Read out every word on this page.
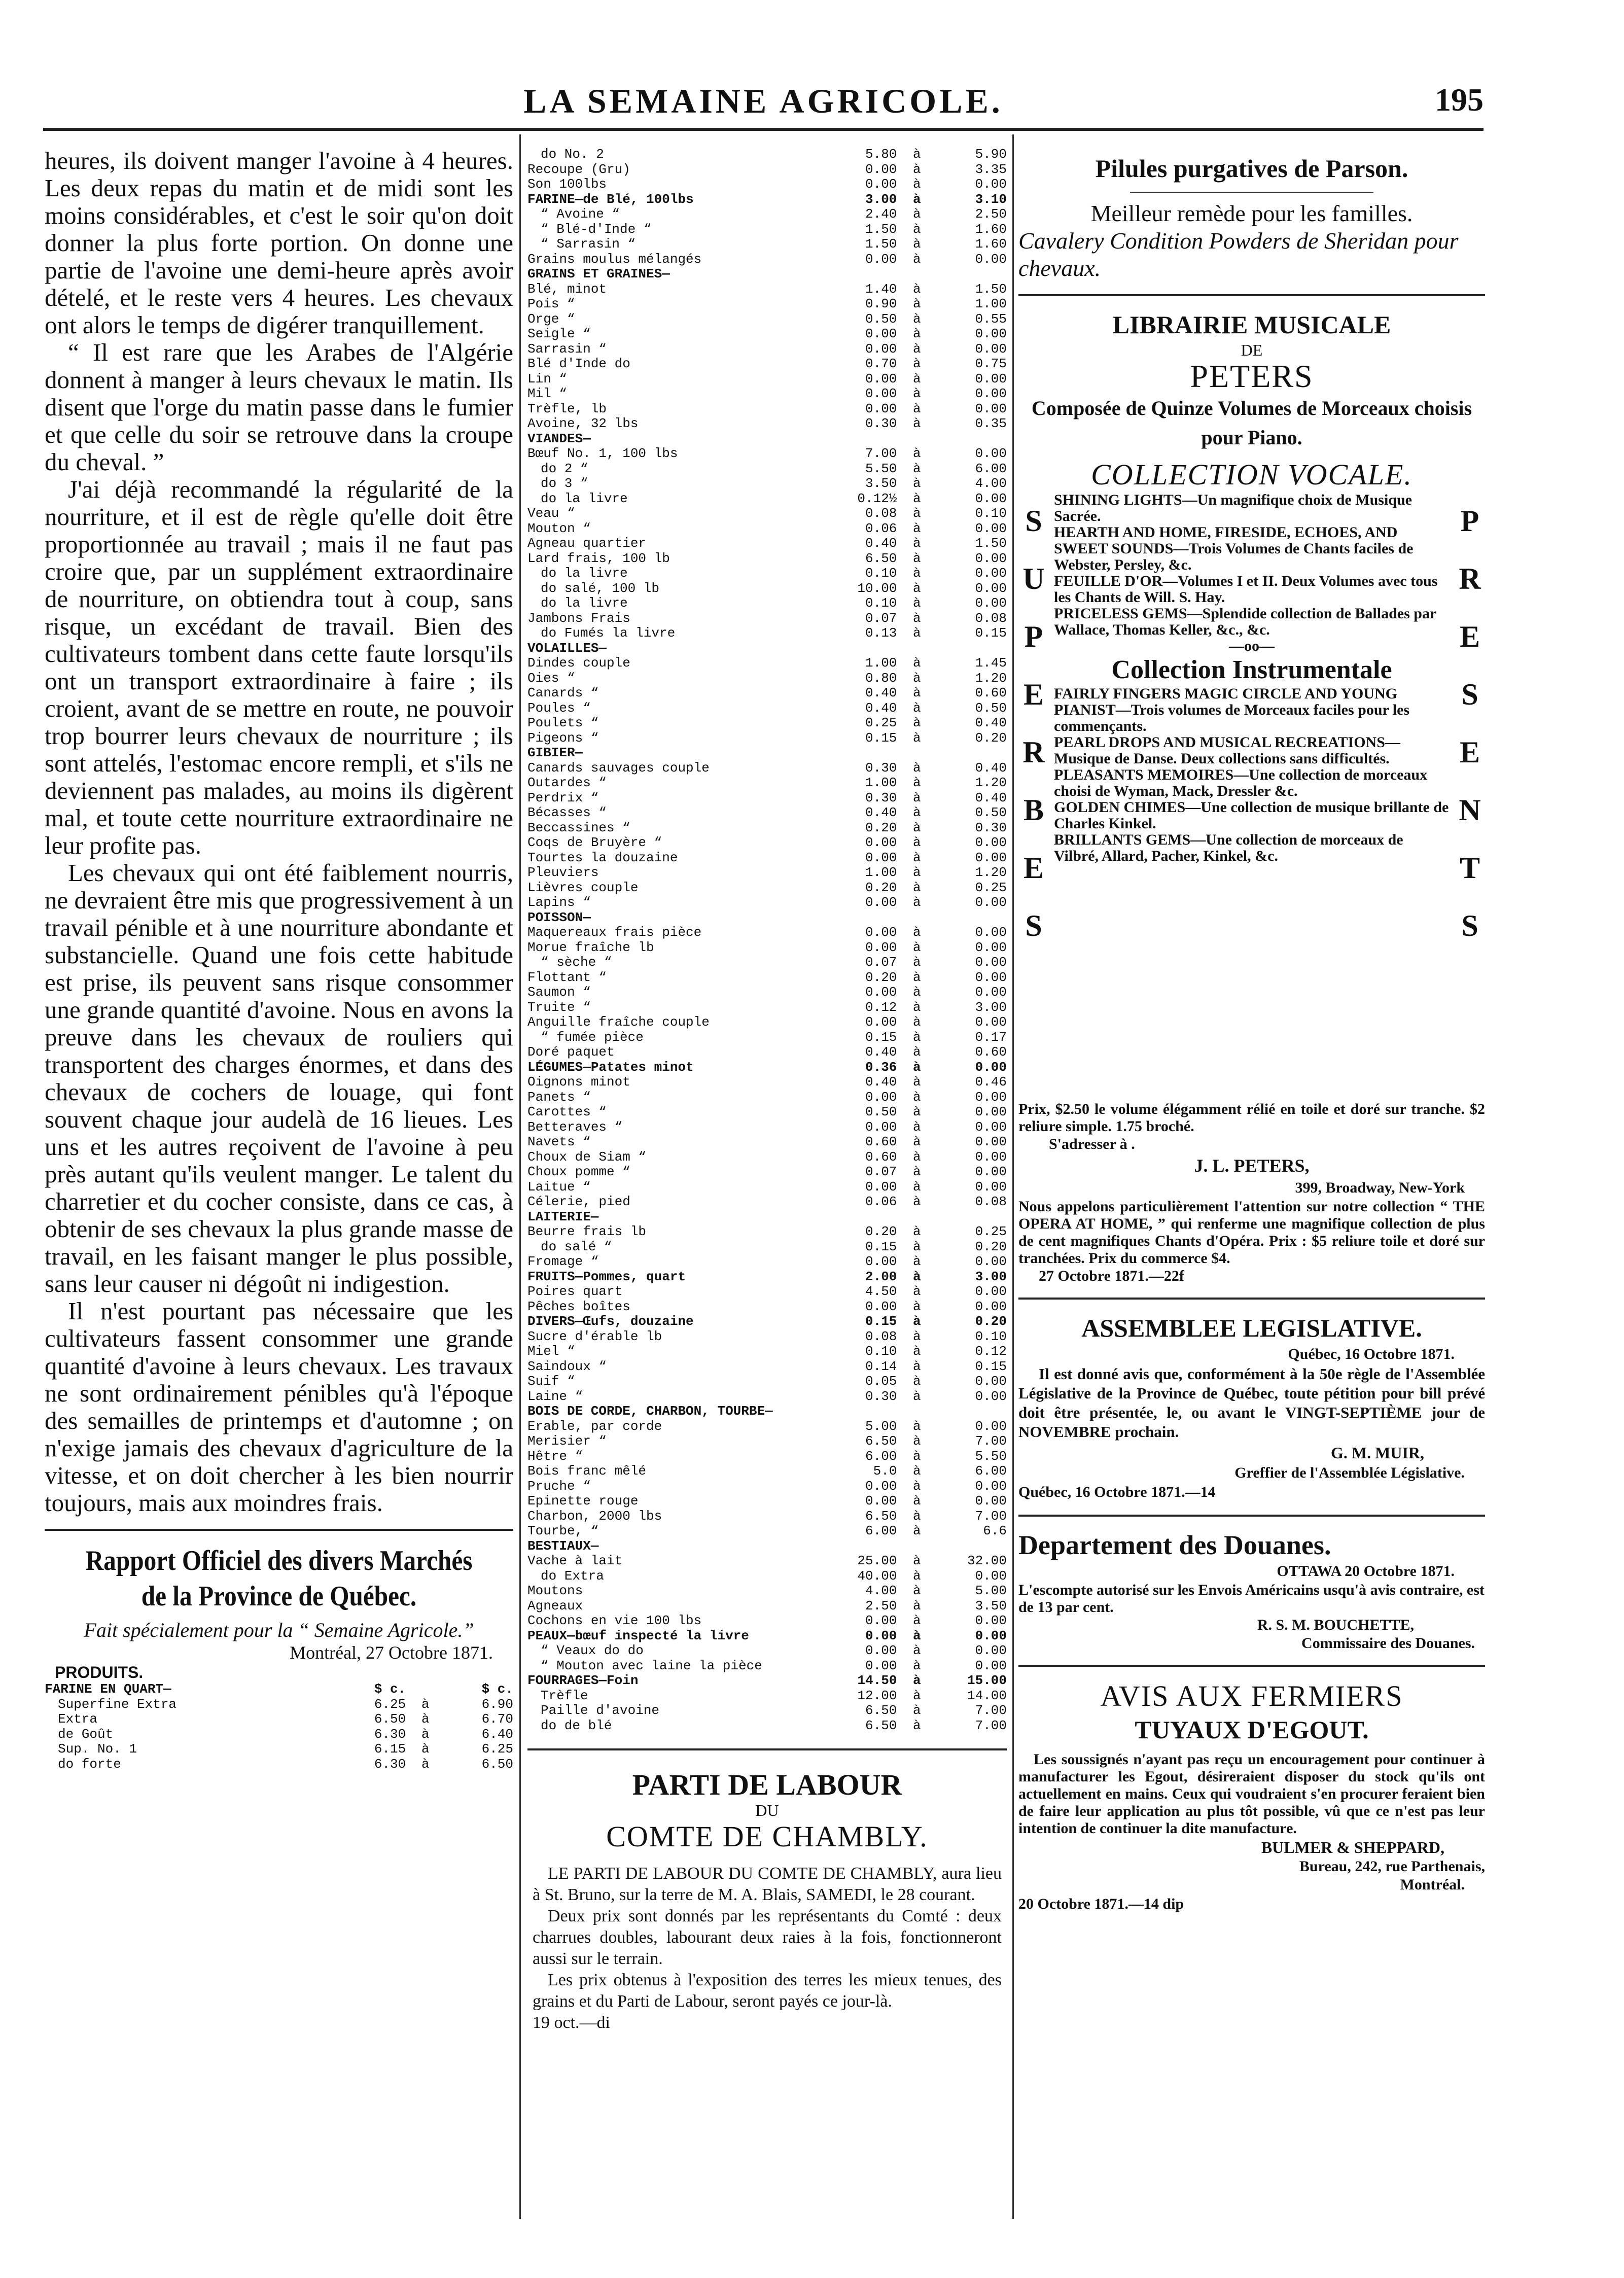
LA SEMAINE AGRICOLE.	195

heures, ils doivent manger l'avoine à 4 heures. Les deux repas du matin et de midi sont les moins considérables, et c'est le soir qu'on doit donner la plus forte portion. On donne une partie de l'avoine une demi-heure après avoir dételé, et le reste vers 4 heures. Les chevaux ont alors le temps de digérer tranquillement.

“ Il est rare que les Arabes de l'Algérie donnent à manger à leurs chevaux le matin. Ils disent que l'orge du matin passe dans le fumier et que celle du soir se retrouve dans la croupe du cheval. ”

J'ai déjà recommandé la régularité de la nourriture, et il est de règle qu'elle doit être proportionnée au travail ; mais il ne faut pas croire que, par un supplément extraordinaire de nourriture, on obtiendra tout à coup, sans risque, un excédant de travail. Bien des cultivateurs tombent dans cette faute lorsqu'ils ont un transport extraordinaire à faire ; ils croient, avant de se mettre en route, ne pouvoir trop bourrer leurs chevaux de nourriture ; ils sont attelés, l'estomac encore rempli, et s'ils ne deviennent pas malades, au moins ils digèrent mal, et toute cette nourriture extraordinaire ne leur profite pas.

Les chevaux qui ont été faiblement nourris, ne devraient être mis que progressivement à un travail pénible et à une nourriture abondante et substancielle. Quand une fois cette habitude est prise, ils peuvent sans risque consommer une grande quantité d'avoine. Nous en avons la preuve dans les chevaux de rouliers qui transportent des charges énormes, et dans des chevaux de cochers de louage, qui font souvent chaque jour audelà de 16 lieues. Les uns et les autres reçoivent de l'avoine à peu près autant qu'ils veulent manger. Le talent du charretier et du cocher consiste, dans ce cas, à obtenir de ses chevaux la plus grande masse de travail, en les faisant manger le plus possible, sans leur causer ni dégoût ni indigestion.

Il n'est pourtant pas nécessaire que les cultivateurs fassent consommer une grande quantité d'avoine à leurs chevaux. Les travaux ne sont ordinairement pénibles qu'à l'époque des semailles de printemps et d'automne ; on n'exige jamais des chevaux d'agriculture de la vitesse, et on doit chercher à les bien nourrir toujours, mais aux moindres frais.

Rapport Officiel des divers Marchés
de la Province de Québec.
Fait spécialement pour la “ Semaine Agricole.”
Montréal, 27 Octobre 1871.
PRODUITS.
FARINE EN QUART—	$ c.		$ c.
Superfine Extra	6.25	à	6.90
Extra	6.50	à	6.70
de Goût	6.30	à	6.40
Sup. No. 1	6.15	à	6.25
do forte	6.30	à	6.50
do No. 2	5.80	à	5.90
Recoupe (Gru)	0.00	à	3.35
Son 100lbs	0.00	à	0.00
FARINE—de Blé, 100lbs	3.00	à	3.10
“ Avoine “	2.40	à	2.50
“ Blé-d'Inde “	1.50	à	1.60
“ Sarrasin “	1.50	à	1.60
Grains moulus mélangés	0.00	à	0.00
GRAINS ET GRAINES—			
Blé, minot	1.40	à	1.50
Pois “	0.90	à	1.00
Orge “	0.50	à	0.55
Seigle “	0.00	à	0.00
Sarrasin “	0.00	à	0.00
Blé d'Inde do	0.70	à	0.75
Lin “	0.00	à	0.00
Mil “	0.00	à	0.00
Trèfle, lb	0.00	à	0.00
Avoine, 32 lbs	0.30	à	0.35
VIANDES—			
Bœuf No. 1, 100 lbs	7.00	à	0.00
do 2 “	5.50	à	6.00
do 3 “	3.50	à	4.00
do la livre	0.12½	à	0.00
Veau “	0.08	à	0.10
Mouton “	0.06	à	0.00
Agneau quartier	0.40	à	1.50
Lard frais, 100 lb	6.50	à	0.00
do la livre	0.10	à	0.00
do salé, 100 lb	10.00	à	0.00
do la livre	0.10	à	0.00
Jambons Frais	0.07	à	0.08
do Fumés la livre	0.13	à	0.15
VOLAILLES—			
Dindes couple	1.00	à	1.45
Oies “	0.80	à	1.20
Canards “	0.40	à	0.60
Poules “	0.40	à	0.50
Poulets “	0.25	à	0.40
Pigeons “	0.15	à	0.20
GIBIER—			
Canards sauvages couple	0.30	à	0.40
Outardes “	1.00	à	1.20
Perdrix “	0.30	à	0.40
Bécasses “	0.40	à	0.50
Beccassines “	0.20	à	0.30
Coqs de Bruyère “	0.00	à	0.00
Tourtes la douzaine	0.00	à	0.00
Pleuviers	1.00	à	1.20
Lièvres couple	0.20	à	0.25
Lapins “	0.00	à	0.00
POISSON—			
Maquereaux frais pièce	0.00	à	0.00
Morue fraîche lb	0.00	à	0.00
“ sèche “	0.07	à	0.00
Flottant “	0.20	à	0.00
Saumon “	0.00	à	0.00
Truite “	0.12	à	3.00
Anguille fraîche couple	0.00	à	0.00
“ fumée pièce	0.15	à	0.17
Doré paquet	0.40	à	0.60
LÉGUMES—Patates minot	0.36	à	0.00
Oignons minot	0.40	à	0.46
Panets “	0.00	à	0.00
Carottes “	0.50	à	0.00
Betteraves “	0.00	à	0.00
Navets “	0.60	à	0.00
Choux de Siam “	0.60	à	0.00
Choux pomme “	0.07	à	0.00
Laitue “	0.00	à	0.00
Célerie, pied	0.06	à	0.08
LAITERIE—			
Beurre frais lb	0.20	à	0.25
do salé “	0.15	à	0.20
Fromage “	0.00	à	0.00
FRUITS—Pommes, quart	2.00	à	3.00
Poires quart	4.50	à	0.00
Pêches boîtes	0.00	à	0.00
DIVERS—Œufs, douzaine	0.15	à	0.20
Sucre d'érable lb	0.08	à	0.10
Miel “	0.10	à	0.12
Saindoux “	0.14	à	0.15
Suif “	0.05	à	0.00
Laine “	0.30	à	0.00
BOIS DE CORDE, CHARBON, TOURBE—			
Erable, par corde	5.00	à	0.00
Merisier “	6.50	à	7.00
Hêtre “	6.00	à	5.50
Bois franc mêlé	5.0	à	6.00
Pruche “	0.00	à	0.00
Epinette rouge	0.00	à	0.00
Charbon, 2000 lbs	6.50	à	7.00
Tourbe, “	6.00	à	6.6
BESTIAUX—			
Vache à lait	25.00	à	32.00
do Extra	40.00	à	0.00
Moutons	4.00	à	5.00
Agneaux	2.50	à	3.50
Cochons en vie 100 lbs	0.00	à	0.00
PEAUX—bœuf inspecté la livre	0.00	à	0.00
“ Veaux do do	0.00	à	0.00
“ Mouton avec laine la pièce	0.00	à	0.00
FOURRAGES—Foin	14.50	à	15.00
Trèfle	12.00	à	14.00
Paille d'avoine	6.50	à	7.00
do de blé	6.50	à	7.00
PARTI DE LABOUR
DU
COMTE DE CHAMBLY.
LE PARTI DE LABOUR DU COMTE DE CHAMBLY, aura lieu à St. Bruno, sur la terre de M. A. Blais, SAMEDI, le 28 courant.
Deux prix sont donnés par les représentants du Comté : deux charrues doubles, labourant deux raies à la fois, fonctionneront aussi sur le terrain.
Les prix obtenus à l'exposition des terres les mieux tenues, des grains et du Parti de Labour, seront payés ce jour-là.
19 oct.—di
Pilules purgatives de Parson.
Meilleur remède pour les familles.
Cavalery Condition Powders de Sheridan pour chevaux.
LIBRAIRIE MUSICALE
DE
PETERS
Composée de Quinze Volumes de Morceaux choisis pour Piano.
COLLECTION VOCALE.
S
U
P
E
R
B
E
S
P
R
E
S
E
N
T
S

SHINING LIGHTS—Un magnifique choix de Musique Sacrée.

HEARTH AND HOME, FIRESIDE, ECHOES, AND SWEET SOUNDS—Trois Volumes de Chants faciles de Webster, Persley, &c.

FEUILLE D'OR—Volumes I et II. Deux Volumes avec tous les Chants de Will. S. Hay.

PRICELESS GEMS—Splendide collection de Ballades par Wallace, Thomas Keller, &c., &c.

—oo—
Collection Instrumentale

FAIRLY FINGERS MAGIC CIRCLE AND YOUNG PIANIST—Trois volumes de Morceaux faciles pour les commençants.

PEARL DROPS AND MUSICAL RECREATIONS—Musique de Danse. Deux collections sans difficultés.

PLEASANTS MEMOIRES—Une collection de morceaux choisi de Wyman, Mack, Dressler &c.

GOLDEN CHIMES—Une collection de musique brillante de Charles Kinkel.

BRILLANTS GEMS—Une collection de morceaux de Vilbré, Allard, Pacher, Kinkel, &c.

Prix, $2.50 le volume élégamment rélié en toile et doré sur tranche. $2 reliure simple. 1.75 broché.
S'adresser à .
J. L. PETERS,
399, Broadway, New-York
Nous appelons particulièrement l'attention sur notre collection “ THE OPERA AT HOME, ” qui renferme une magnifique collection de plus de cent magnifiques Chants d'Opéra. Prix : $5 reliure toile et doré sur tranchées. Prix du commerce $4.
27 Octobre 1871.—22f
ASSEMBLEE LEGISLATIVE.
Québec, 16 Octobre 1871.
Il est donné avis que, conformément à la 50e règle de l'Assemblée Législative de la Province de Québec, toute pétition pour bill prévé doit être présentée, le, ou avant le VINGT-SEPTIÈME jour de NOVEMBRE prochain.
G. M. MUIR,
Greffier de l'Assemblée Législative.
Québec, 16 Octobre 1871.—14
Departement des Douanes.
OTTAWA 20 Octobre 1871.
L'escompte autorisé sur les Envois Américains usqu'à avis contraire, est de 13 par cent.
R. S. M. BOUCHETTE,
Commissaire des Douanes.
AVIS AUX FERMIERS
TUYAUX D'EGOUT.
Les soussignés n'ayant pas reçu un encouragement pour continuer à manufacturer les Egout, désireraient disposer du stock qu'ils ont actuellement en mains. Ceux qui voudraient s'en procurer feraient bien de faire leur application au plus tôt possible, vû que ce n'est pas leur intention de continuer la dite manufacture.
BULMER & SHEPPARD,
Bureau, 242, rue Parthenais,
Montréal.
20 Octobre 1871.—14 dip
